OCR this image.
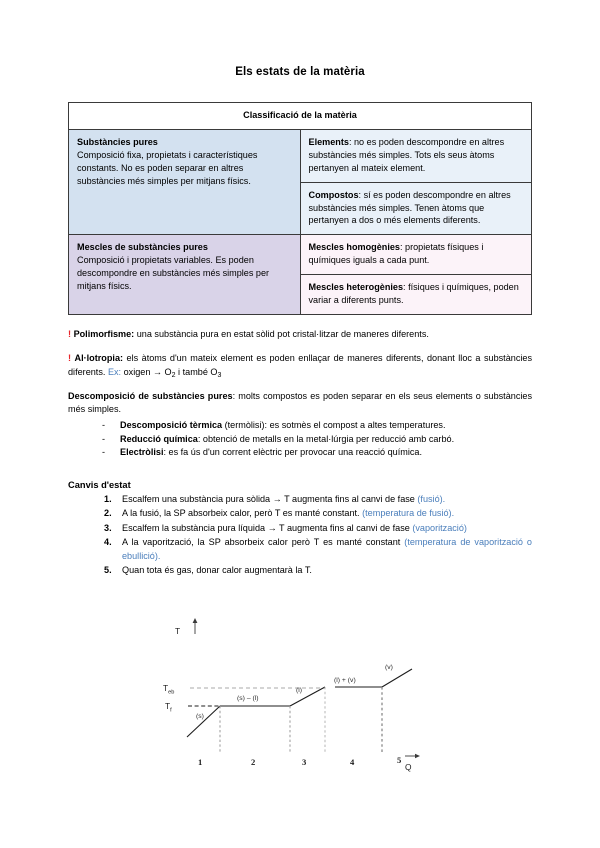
Els estats de la matèria
Classificació de la matèria	
Substàncies pures
Composició fixa, propietats i característiques constants. No es poden separar en altres substàncies més simples per mitjans físics.	Elements: no es poden descompondre en altres substàncies més simples. Tots els seus àtoms pertanyen al mateix element.
	Compostos: sí es poden descompondre en altres substàncies més simples. Tenen àtoms que pertanyen a dos o més elements diferents.
Mescles de substàncies pures
Composició i propietats variables. Es poden descompondre en substàncies més simples per mitjans físics.	Mescles homogènies: propietats físiques i químiques iguals a cada punt.
	Mescles heterogènies: físiques i químiques, poden variar a diferents punts.

! Polimorfisme: una substància pura en estat sòlid pot cristal·litzar de maneres diferents.

! Al·lotropia: els àtoms d'un mateix element es poden enllaçar de maneres diferents, donant lloc a substàncies diferents. Ex: oxigen → $O_2$ i també $O_3$

Descomposició de substàncies pures: molts compostos es poden separar en els seus elements o substàncies més simples.

- Descomposició tèrmica (termòlisi): es sotmès el compost a altes temperatures.
- Reducció química: obtenció de metalls en la metal·lúrgia per reducció amb carbó.
- Electròlisi: es fa ús d'un corrent elèctric per provocar una reacció química.
Canvis d'estat
Escalfem una substància pura sòlida → T augmenta fins al canvi de fase (fusió).
A la fusió, la SP absorbeix calor, però T es manté constant. (temperatura de fusió).
Escalfem la substància pura líquida → T augmenta fins al canvi de fase (vaporització)
A la vaporització, la SP absorbeix calor però T es manté constant (temperatura de vaporització o ebullició).
Quan tota és gas, donar calor augmentarà la T.
T
$T_{eb}$
$T_f$
(s)
(s) – (l)
(l)
(l) + (v)
(v)
1	2	3	4	5
Q
